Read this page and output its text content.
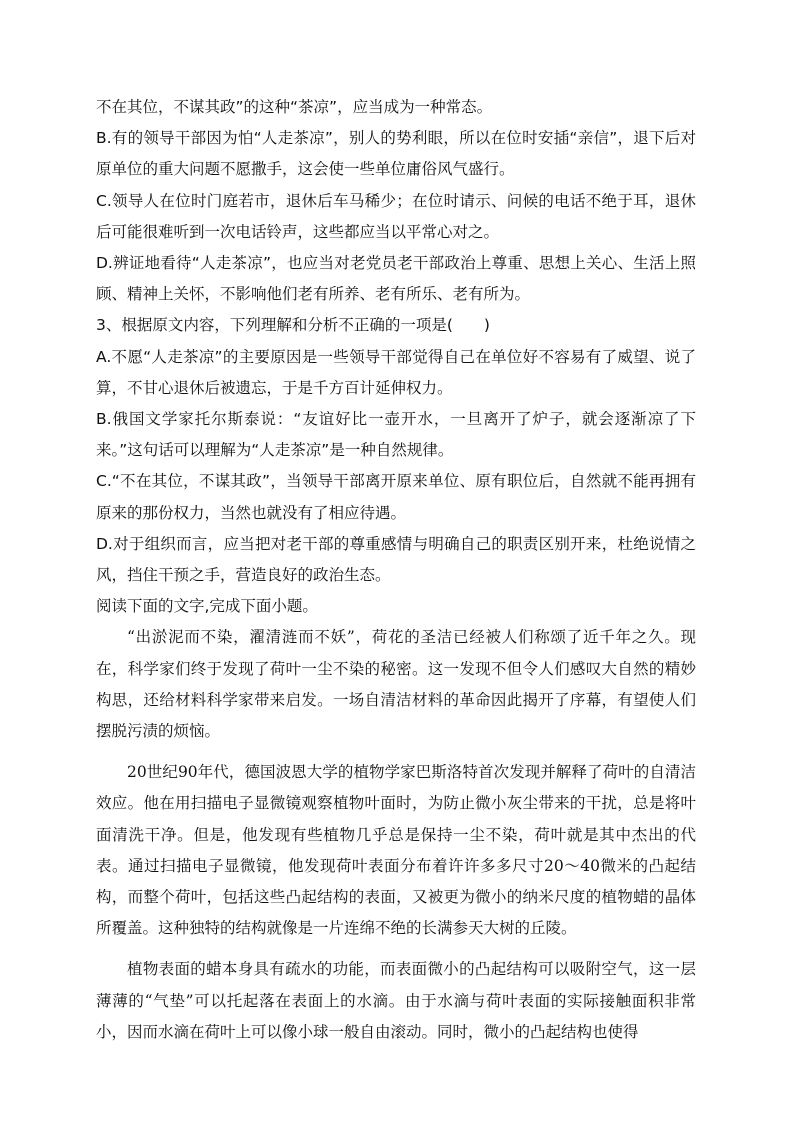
不在其位，不谋其政”的这种“茶凉”，应当成为一种常态。

B.有的领导干部因为怕“人走茶凉”，别人的势利眼，所以在位时安插“亲信”，退下后对原单位的重大问题不愿撒手，这会使一些单位庸俗风气盛行。

C.领导人在位时门庭若市，退休后车马稀少；在位时请示、问候的电话不绝于耳，退休后可能很难听到一次电话铃声，这些都应当以平常心对之。

D.辨证地看待“人走茶凉”，也应当对老党员老干部政治上尊重、思想上关心、生活上照顾、精神上关怀，不影响他们老有所养、老有所乐、老有所为。

3、根据原文内容，下列理解和分析不正确的一项是(　　)

A.不愿“人走茶凉”的主要原因是一些领导干部觉得自己在单位好不容易有了威望、说了算，不甘心退休后被遗忘，于是千方百计延伸权力。

B.俄国文学家托尔斯泰说：“友谊好比一壶开水，一旦离开了炉子，就会逐渐凉了下来。”这句话可以理解为“人走茶凉”是一种自然规律。

C.“不在其位，不谋其政”，当领导干部离开原来单位、原有职位后，自然就不能再拥有原来的那份权力，当然也就没有了相应待遇。

D.对于组织而言，应当把对老干部的尊重感情与明确自己的职责区别开来，杜绝说情之风，挡住干预之手，营造良好的政治生态。

阅读下面的文字,完成下面小题。

“出淤泥而不染，濯清涟而不妖”，荷花的圣洁已经被人们称颂了近千年之久。现在，科学家们终于发现了荷叶一尘不染的秘密。这一发现不但令人们感叹大自然的精妙构思，还给材料科学家带来启发。一场自清洁材料的革命因此揭开了序幕，有望使人们摆脱污渍的烦恼。

20世纪90年代，德国波恩大学的植物学家巴斯洛特首次发现并解释了荷叶的自清洁效应。他在用扫描电子显微镜观察植物叶面时，为防止微小灰尘带来的干扰，总是将叶面清洗干净。但是，他发现有些植物几乎总是保持一尘不染，荷叶就是其中杰出的代表。通过扫描电子显微镜，他发现荷叶表面分布着许许多多尺寸20～40微米的凸起结构，而整个荷叶，包括这些凸起结构的表面，又被更为微小的纳米尺度的植物蜡的晶体所覆盖。这种独特的结构就像是一片连绵不绝的长满参天大树的丘陵。

植物表面的蜡本身具有疏水的功能，而表面微小的凸起结构可以吸附空气，这一层薄薄的“气垫”可以托起落在表面上的水滴。由于水滴与荷叶表面的实际接触面积非常小，因而水滴在荷叶上可以像小球一般自由滚动。同时，微小的凸起结构也使得
